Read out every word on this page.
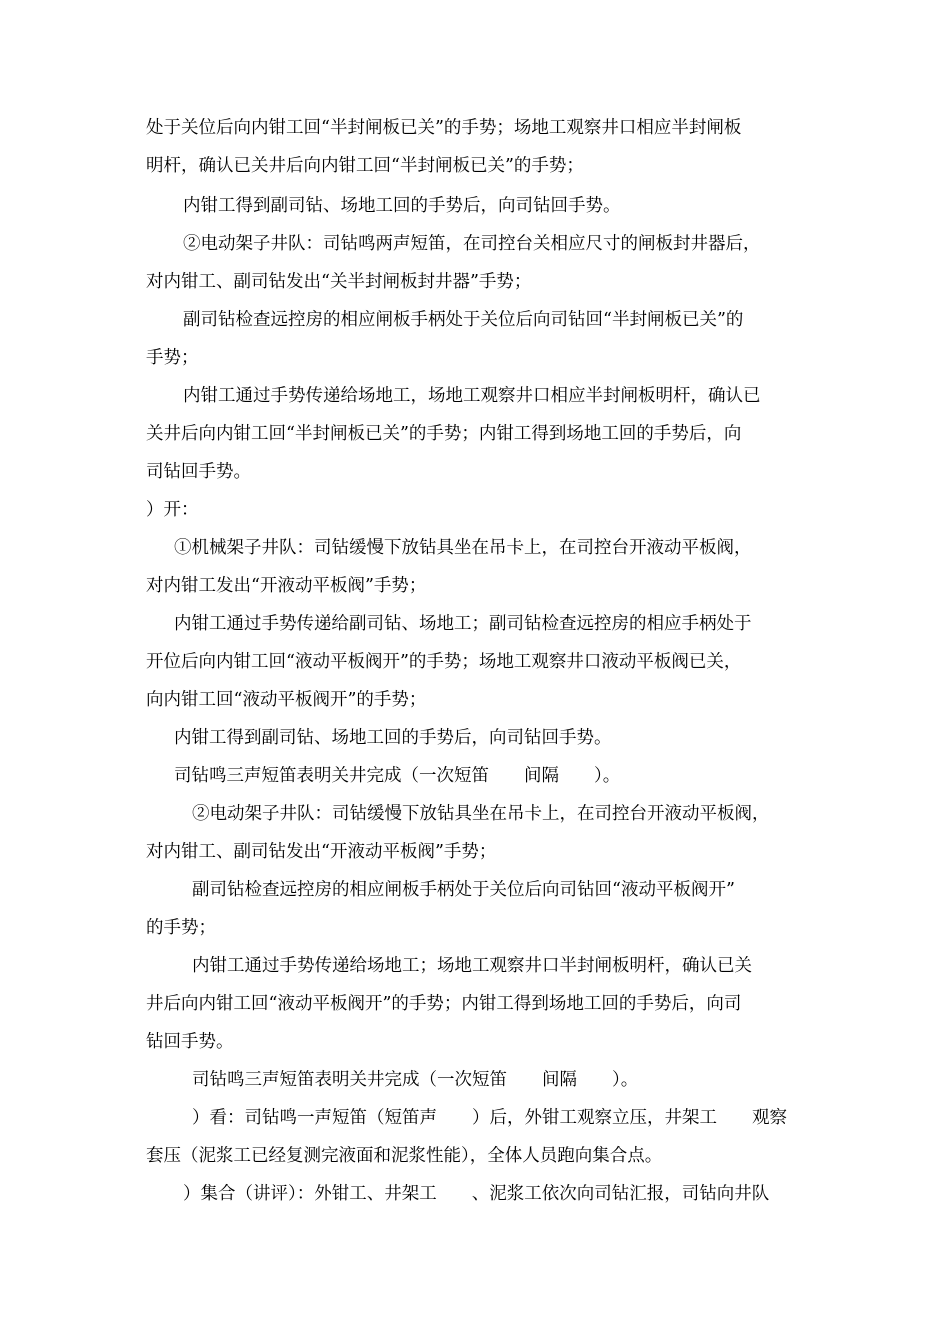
处于关位后向内钳工回“半封闸板已关”的手势；场地工观察井口相应半封闸板
明杆，确认已关井后向内钳工回“半封闸板已关”的手势；
内钳工得到副司钻、场地工回的手势后，向司钻回手势。
②电动架子井队：司钻鸣两声短笛，在司控台关相应尺寸的闸板封井器后，
对内钳工、副司钻发出“关半封闸板封井器”手势；
副司钻检查远控房的相应闸板手柄处于关位后向司钻回“半封闸板已关”的
手势；
内钳工通过手势传递给场地工，场地工观察井口相应半封闸板明杆，确认已
关井后向内钳工回“半封闸板已关”的手势；内钳工得到场地工回的手势后，向
司钻回手势。
）开：
①机械架子井队：司钻缓慢下放钻具坐在吊卡上，在司控台开液动平板阀，
对内钳工发出“开液动平板阀”手势；
内钳工通过手势传递给副司钻、场地工；副司钻检查远控房的相应手柄处于
开位后向内钳工回“液动平板阀开”的手势；场地工观察井口液动平板阀已关，
向内钳工回“液动平板阀开”的手势；
内钳工得到副司钻、场地工回的手势后，向司钻回手势。
司钻鸣三声短笛表明关井完成（一次短笛　　间隔　　）。
②电动架子井队：司钻缓慢下放钻具坐在吊卡上，在司控台开液动平板阀，
对内钳工、副司钻发出“开液动平板阀”手势；
副司钻检查远控房的相应闸板手柄处于关位后向司钻回“液动平板阀开”
的手势；
内钳工通过手势传递给场地工；场地工观察井口半封闸板明杆，确认已关
井后向内钳工回“液动平板阀开”的手势；内钳工得到场地工回的手势后，向司
钻回手势。
司钻鸣三声短笛表明关井完成（一次短笛　　间隔　　）。
）看：司钻鸣一声短笛（短笛声　　）后，外钳工观察立压，井架工　　观察
套压（泥浆工已经复测完液面和泥浆性能），全体人员跑向集合点。
）集合（讲评）：外钳工、井架工　　、泥浆工依次向司钻汇报，司钻向井队
